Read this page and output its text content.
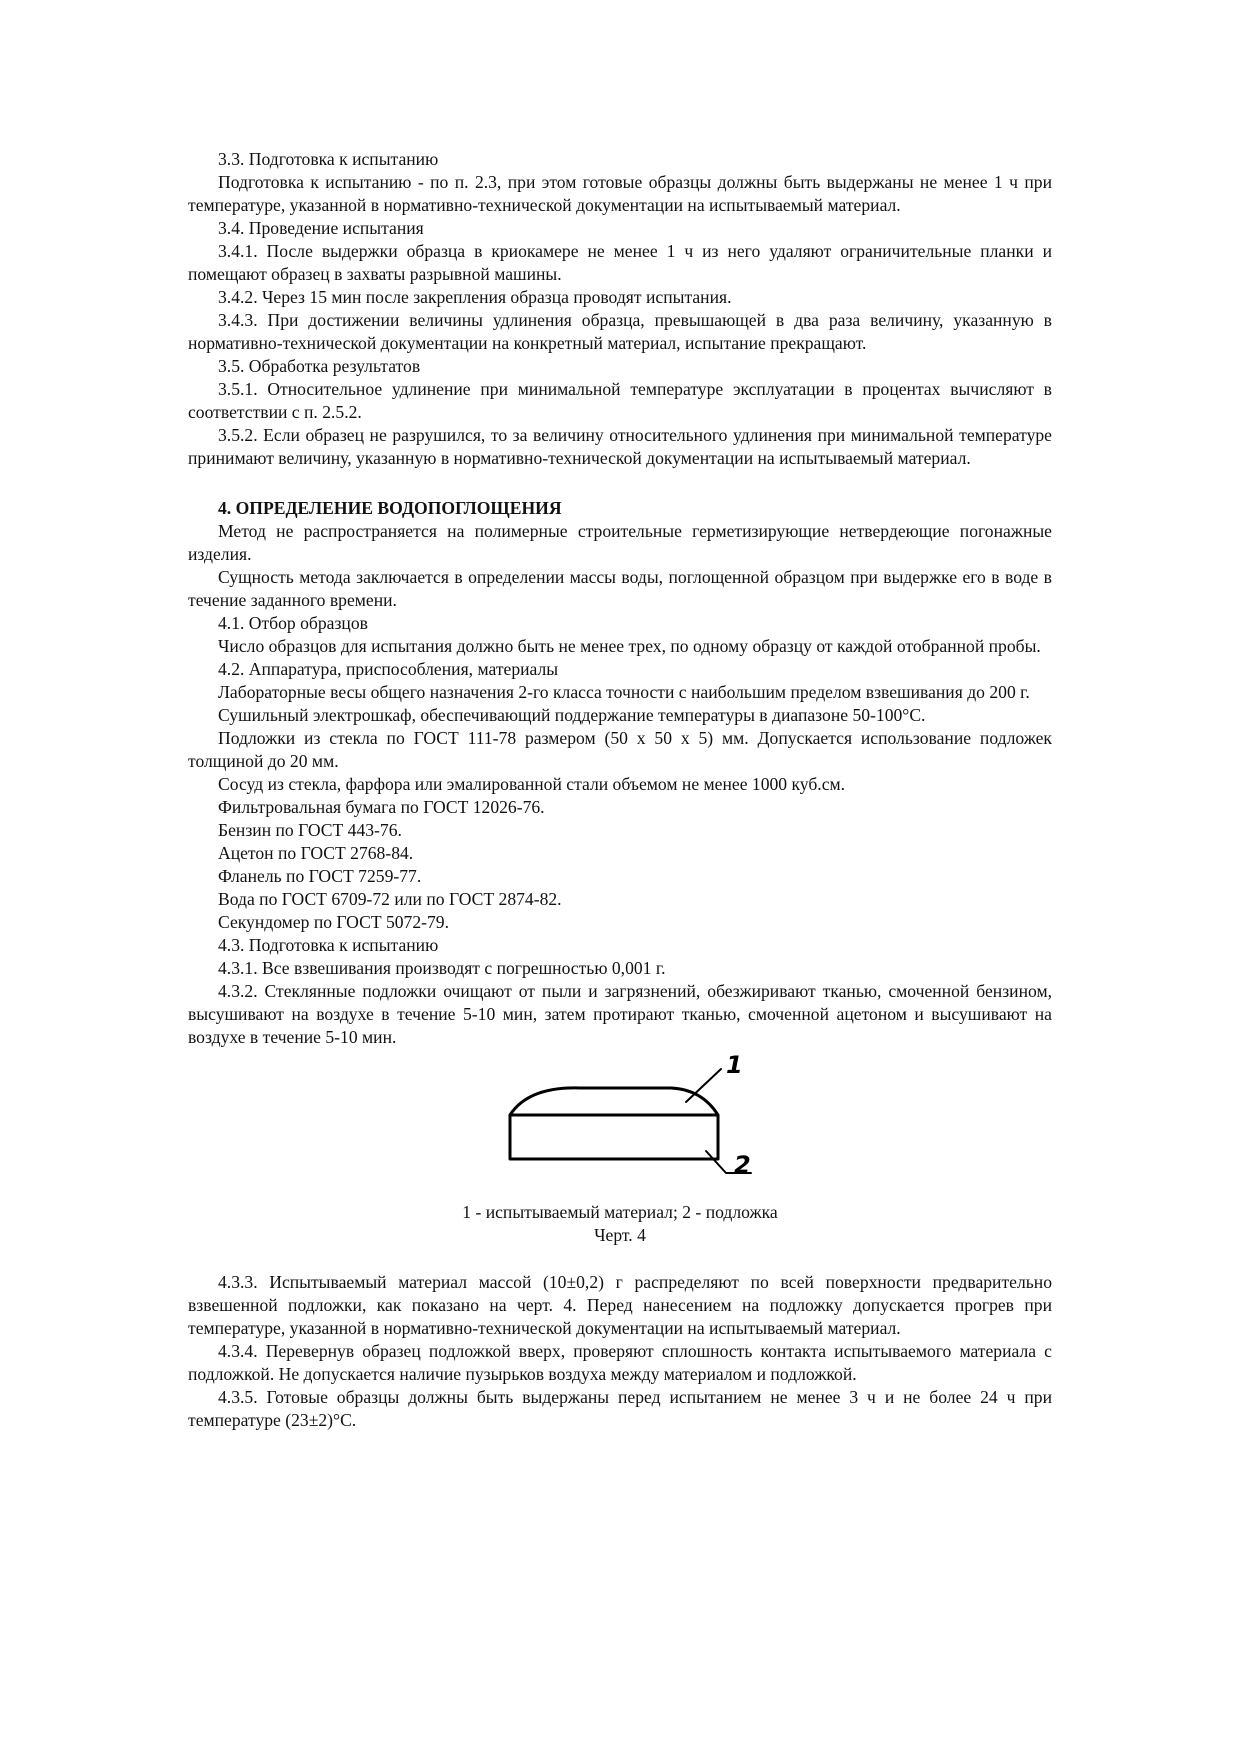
3.3. Подготовка к испытанию

Подготовка к испытанию - по п. 2.3, при этом готовые образцы должны быть выдержаны не менее 1 ч при температуре, указанной в нормативно-технической документации на испытываемый материал.

3.4. Проведение испытания

3.4.1. После выдержки образца в криокамере не менее 1 ч из него удаляют ограничительные планки и помещают образец в захваты разрывной машины.

3.4.2. Через 15 мин после закрепления образца проводят испытания.

3.4.3. При достижении величины удлинения образца, превышающей в два раза величину, указанную в нормативно-технической документации на конкретный материал, испытание прекращают.

3.5. Обработка результатов

3.5.1. Относительное удлинение при минимальной температуре эксплуатации в процентах вычисляют в соответствии с п. 2.5.2.

3.5.2. Если образец не разрушился, то за величину относительного удлинения при минимальной температуре принимают величину, указанную в нормативно-технической документации на испытываемый материал.

4. ОПРЕДЕЛЕНИЕ ВОДОПОГЛОЩЕНИЯ

Метод не распространяется на полимерные строительные герметизирующие нетвердеющие погонажные изделия.

Сущность метода заключается в определении массы воды, поглощенной образцом при выдержке его в воде в течение заданного времени.

4.1. Отбор образцов

Число образцов для испытания должно быть не менее трех, по одному образцу от каждой отобранной пробы.

4.2. Аппаратура, приспособления, материалы

Лабораторные весы общего назначения 2-го класса точности с наибольшим пределом взвешивания до 200 г.

Сушильный электрошкаф, обеспечивающий поддержание температуры в диапазоне 50-100°С.

Подложки из стекла по ГОСТ 111-78 размером (50 х 50 х 5) мм. Допускается использование подложек толщиной до 20 мм.

Сосуд из стекла, фарфора или эмалированной стали объемом не менее 1000 куб.см.

Фильтровальная бумага по ГОСТ 12026-76.

Бензин по ГОСТ 443-76.

Ацетон по ГОСТ 2768-84.

Фланель по ГОСТ 7259-77.

Вода по ГОСТ 6709-72 или по ГОСТ 2874-82.

Секундомер по ГОСТ 5072-79.

4.3. Подготовка к испытанию

4.3.1. Все взвешивания производят с погрешностью 0,001 г.

4.3.2. Стеклянные подложки очищают от пыли и загрязнений, обезжиривают тканью, смоченной бензином, высушивают на воздухе в течение 5-10 мин, затем протирают тканью, смоченной ацетоном и высушивают на воздухе в течение 5-10 мин.

1
2

1 - испытываемый материал; 2 - подложка

Черт. 4

4.3.3. Испытываемый материал массой (10±0,2) г распределяют по всей поверхности предварительно взвешенной подложки, как показано на черт. 4. Перед нанесением на подложку допускается прогрев при температуре, указанной в нормативно-технической документации на испытываемый материал.

4.3.4. Перевернув образец подложкой вверх, проверяют сплошность контакта испытываемого материала с подложкой. Не допускается наличие пузырьков воздуха между материалом и подложкой.

4.3.5. Готовые образцы должны быть выдержаны перед испытанием не менее 3 ч и не более 24 ч при температуре (23±2)°С.
